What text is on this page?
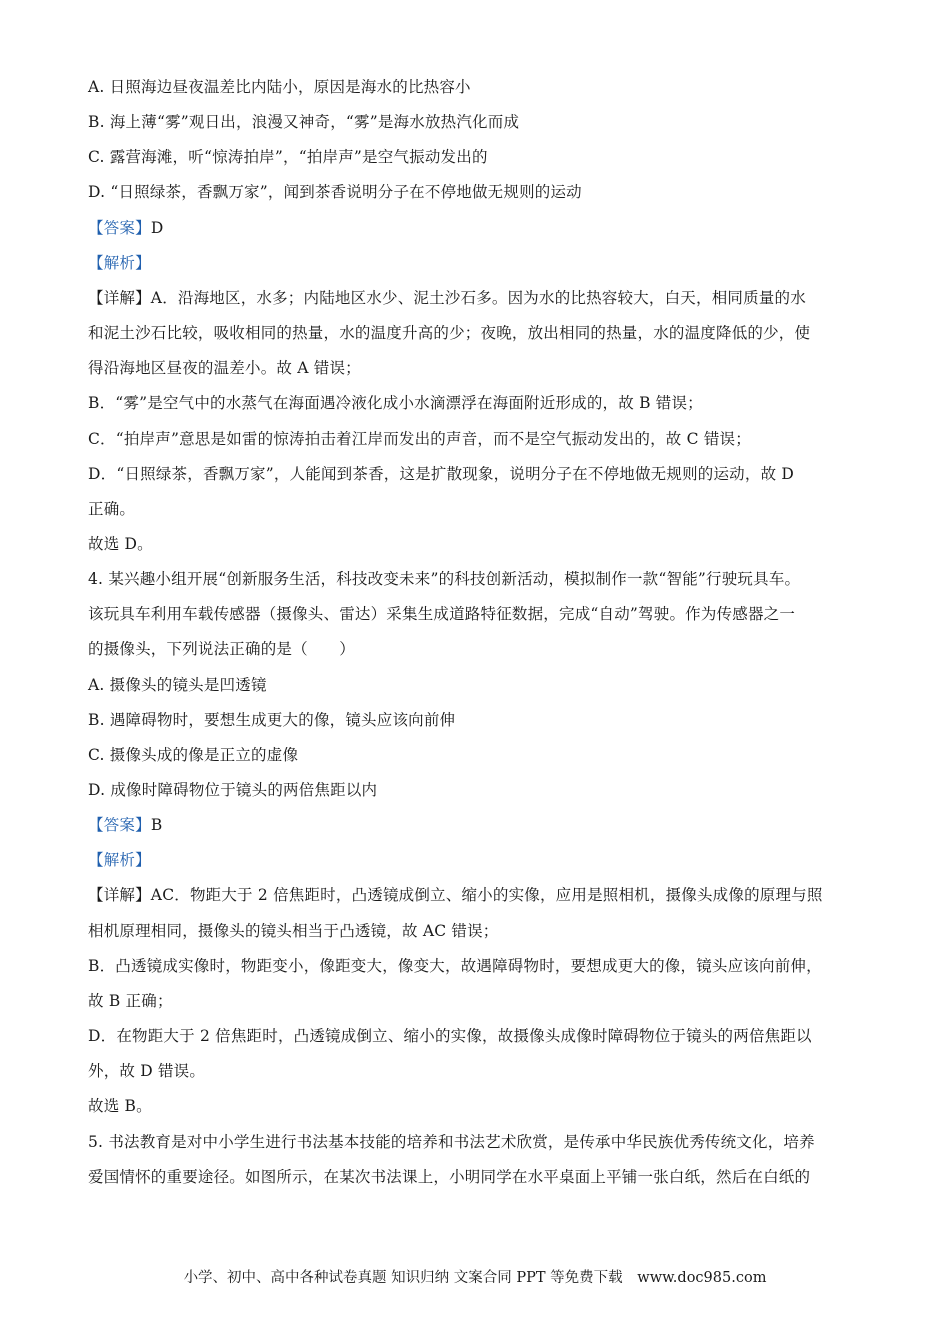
A. 日照海边昼夜温差比内陆小，原因是海水的比热容小
B. 海上薄“雾”观日出，浪漫又神奇，“雾”是海水放热汽化而成
C. 露营海滩，听“惊涛拍岸”，“拍岸声”是空气振动发出的
D. “日照绿茶，香飘万家”，闻到茶香说明分子在不停地做无规则的运动
【答案】D
【解析】
【详解】A．沿海地区，水多；内陆地区水少、泥土沙石多。因为水的比热容较大，白天，相同质量的水
和泥土沙石比较，吸收相同的热量，水的温度升高的少；夜晚，放出相同的热量，水的温度降低的少，使
得沿海地区昼夜的温差小。故 A 错误；
B．“雾”是空气中的水蒸气在海面遇冷液化成小水滴漂浮在海面附近形成的，故 B 错误；
C．“拍岸声”意思是如雷的惊涛拍击着江岸而发出的声音，而不是空气振动发出的，故 C 错误；
D．“日照绿茶，香飘万家”，人能闻到茶香，这是扩散现象，说明分子在不停地做无规则的运动，故 D
正确。
故选 D。
4. 某兴趣小组开展“创新服务生活，科技改变未来”的科技创新活动，模拟制作一款“智能”行驶玩具车。
该玩具车利用车载传感器（摄像头、雷达）采集生成道路特征数据，完成“自动”驾驶。作为传感器之一
的摄像头，下列说法正确的是（　　）
A. 摄像头的镜头是凹透镜
B. 遇障碍物时，要想生成更大的像，镜头应该向前伸
C. 摄像头成的像是正立的虚像
D. 成像时障碍物位于镜头的两倍焦距以内
【答案】B
【解析】
【详解】AC．物距大于 2 倍焦距时，凸透镜成倒立、缩小的实像，应用是照相机，摄像头成像的原理与照
相机原理相同，摄像头的镜头相当于凸透镜，故 AC 错误；
B．凸透镜成实像时，物距变小，像距变大，像变大，故遇障碍物时，要想成更大的像，镜头应该向前伸，
故 B 正确；
D．在物距大于 2 倍焦距时，凸透镜成倒立、缩小的实像，故摄像头成像时障碍物位于镜头的两倍焦距以
外，故 D 错误。
故选 B。
5. 书法教育是对中小学生进行书法基本技能的培养和书法艺术欣赏，是传承中华民族优秀传统文化，培养
爱国情怀的重要途径。如图所示，在某次书法课上，小明同学在水平桌面上平铺一张白纸，然后在白纸的
小学、初中、高中各种试卷真题 知识归纳 文案合同 PPT 等免费下载 www.doc985.com
